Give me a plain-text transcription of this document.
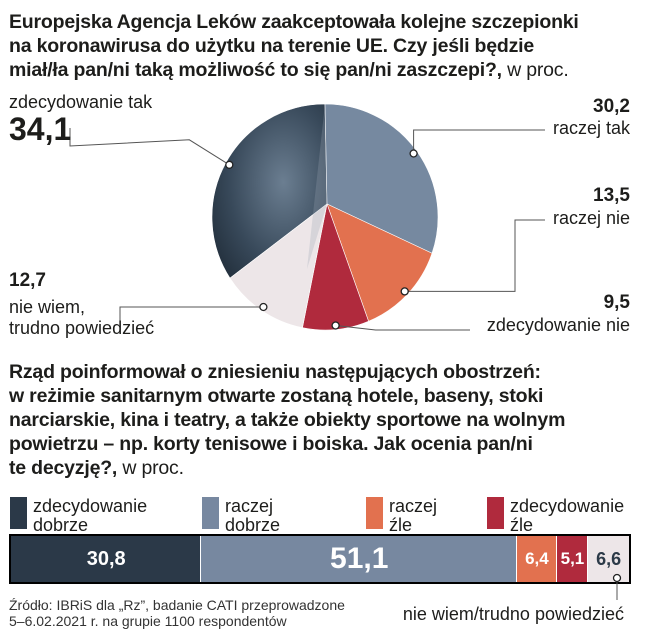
Europejska Agencja Leków zaakceptowała kolejne szczepionki
na koronawirusa do użytku na terenie UE. Czy jeśli będzie
miał/ła pan/ni taką możliwość to się pan/ni zaszczepi?, w proc.
zdecydowanie tak
34,1
30,2
raczej tak
13,5
raczej nie
9,5
zdecydowanie nie
12,7
nie wiem,
trudno powiedzieć
Rząd poinformował o zniesieniu następujących obostrzeń:
w reżimie sanitarnym otwarte zostaną hotele, baseny, stoki
narciarskie, kina i teatry, a także obiekty sportowe na wolnym
powietrzu – np. korty tenisowe i boiska. Jak ocenia pan/ni
te decyzję?, w proc.
zdecydowanie
dobrze
raczej
dobrze
raczej
źle
zdecydowanie
źle
30,8	51,1	6,4 5,1 6,6
nie wiem/trudno powiedzieć
Źródło: IBRiS dla „Rz”, badanie CATI przeprowadzone
5–6.02.2021 r. na grupie 1100 respondentów
